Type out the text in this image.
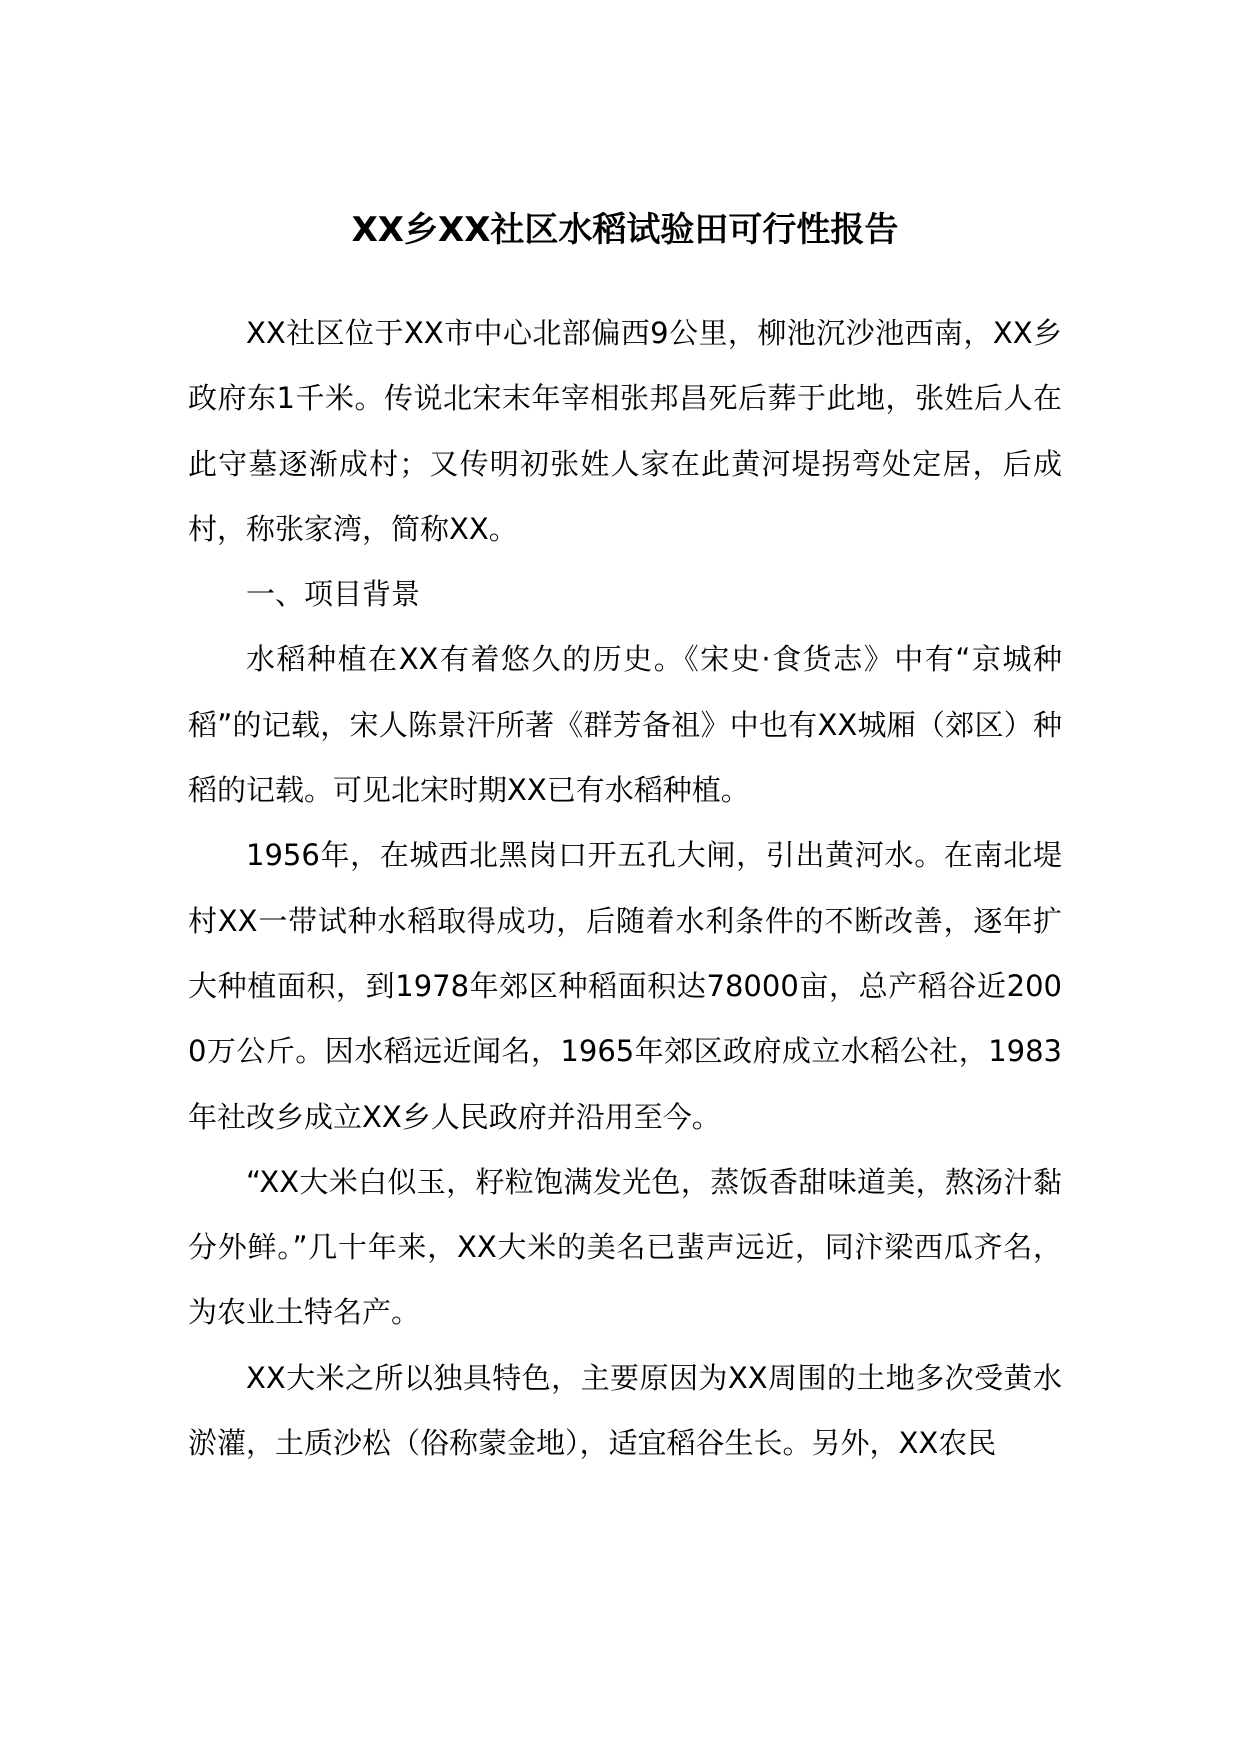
XX乡XX社区水稻试验田可行性报告

XX社区位于XX市中心北部偏西9公里，柳池沉沙池西南，XX乡政府东1千米。传说北宋末年宰相张邦昌死后葬于此地，张姓后人在此守墓逐渐成村；又传明初张姓人家在此黄河堤拐弯处定居，后成村，称张家湾，简称XX。

一、项目背景

水稻种植在XX有着悠久的历史。《宋史·食货志》中有“京城种稻”的记载，宋人陈景汗所著《群芳备祖》中也有XX城厢（郊区）种稻的记载。可见北宋时期XX已有水稻种植。

1956年，在城西北黑岗口开五孔大闸，引出黄河水。在南北堤村XX一带试种水稻取得成功，后随着水利条件的不断改善，逐年扩大种植面积，到1978年郊区种稻面积达78000亩，总产稻谷近2000万公斤。因水稻远近闻名，1965年郊区政府成立水稻公社，1983年社改乡成立XX乡人民政府并沿用至今。

“XX大米白似玉，籽粒饱满发光色，蒸饭香甜味道美，熬汤汁黏分外鲜。”几十年来，XX大米的美名已蜚声远近，同汴梁西瓜齐名，为农业土特名产。

XX大米之所以独具特色，主要原因为XX周围的土地多次受黄水淤灌，土质沙松（俗称蒙金地），适宜稻谷生长。另外，XX农民
